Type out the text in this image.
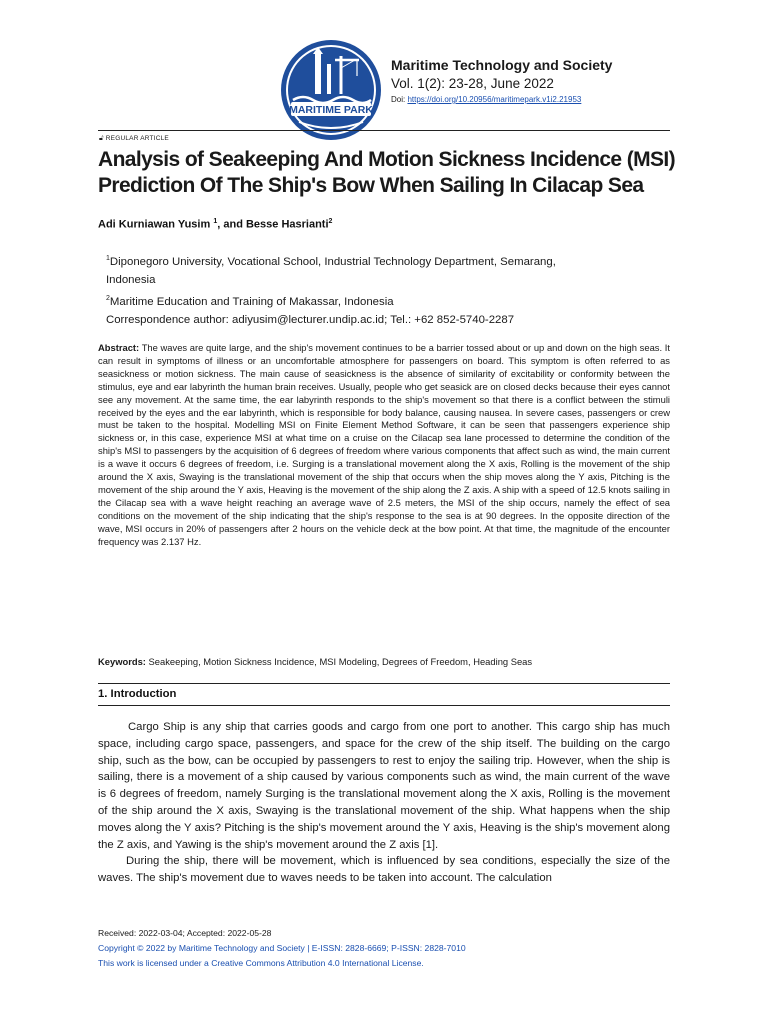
MARITIME PARK
Maritime Technology and Society
Vol. 1(2): 23-28, June 2022
Doi: https://doi.org/10.20956/maritimepark.v1i2.21953
🔓︎ REGULAR ARTICLE
Analysis of Seakeeping And Motion Sickness Incidence (MSI)
Prediction Of The Ship's Bow When Sailing In Cilacap Sea
Adi Kurniawan Yusim $^1$, and Besse Hasrianti$^2$
$^1$Diponegoro University, Vocational School, Industrial Technology Department, Semarang,
Indonesia
$^2$Maritime Education and Training of Makassar, Indonesia
Correspondence author: adiyusim@lecturer.undip.ac.id; Tel.: +62 852-5740-2287
Abstract: The waves are quite large, and the ship's movement continues to be a barrier tossed about or up and down on the high seas. It can result in symptoms of illness or an uncomfortable atmosphere for passengers on board. This symptom is often referred to as seasickness or motion sickness. The main cause of seasickness is the absence of similarity of excitability or conformity between the stimulus, eye and ear labyrinth the human brain receives. Usually, people who get seasick are on closed decks because their eyes cannot see any movement. At the same time, the ear labyrinth responds to the ship's movement so that there is a conflict between the stimuli received by the eyes and the ear labyrinth, which is responsible for body balance, causing nausea. In severe cases, passengers or crew must be taken to the hospital. Modelling MSI on Finite Element Method Software, it can be seen that passengers experience ship sickness or, in this case, experience MSI at what time on a cruise on the Cilacap sea lane processed to determine the condition of the ship's MSI to passengers by the acquisition of 6 degrees of freedom where various components that affect such as wind, the main current is a wave it occurs 6 degrees of freedom, i.e. Surging is a translational movement along the X axis, Rolling is the movement of the ship around the X axis, Swaying is the translational movement of the ship that occurs when the ship moves along the Y axis, Pitching is the movement of the ship around the Y axis, Heaving is the movement of the ship along the Z axis. A ship with a speed of 12.5 knots sailing in the Cilacap sea with a wave height reaching an average wave of 2.5 meters, the MSI of the ship occurs, namely the effect of sea conditions on the movement of the ship indicating that the ship's response to the sea is at 90 degrees. In the opposite direction of the wave, MSI occurs in 20% of passengers after 2 hours on the vehicle deck at the bow point. At that time, the magnitude of the encounter frequency was 2.137 Hz.
Keywords: Seakeeping, Motion Sickness Incidence, MSI Modeling, Degrees of Freedom, Heading Seas
1. Introduction

Cargo Ship is any ship that carries goods and cargo from one port to another. This cargo ship has much space, including cargo space, passengers, and space for the crew of the ship itself. The building on the cargo ship, such as the bow, can be occupied by passengers to rest to enjoy the sailing trip. However, when the ship is sailing, there is a movement of a ship caused by various components such as wind, the main current of the wave is 6 degrees of freedom, namely Surging is the translational movement along the X axis, Rolling is the movement of the ship around the X axis, Swaying is the translational movement of the ship. What happens when the ship moves along the Y axis? Pitching is the ship's movement around the Y axis, Heaving is the ship's movement along the Z axis, and Yawing is the ship's movement around the Z axis [1].

During the ship, there will be movement, which is influenced by sea conditions, especially the size of the waves. The ship's movement due to waves needs to be taken into account. The calculation

Received: 2022-03-04; Accepted: 2022-05-28
Copyright © 2022 by Maritime Technology and Society | E-ISSN: 2828-6669; P-ISSN: 2828-7010
This work is licensed under a Creative Commons Attribution 4.0 International License.
